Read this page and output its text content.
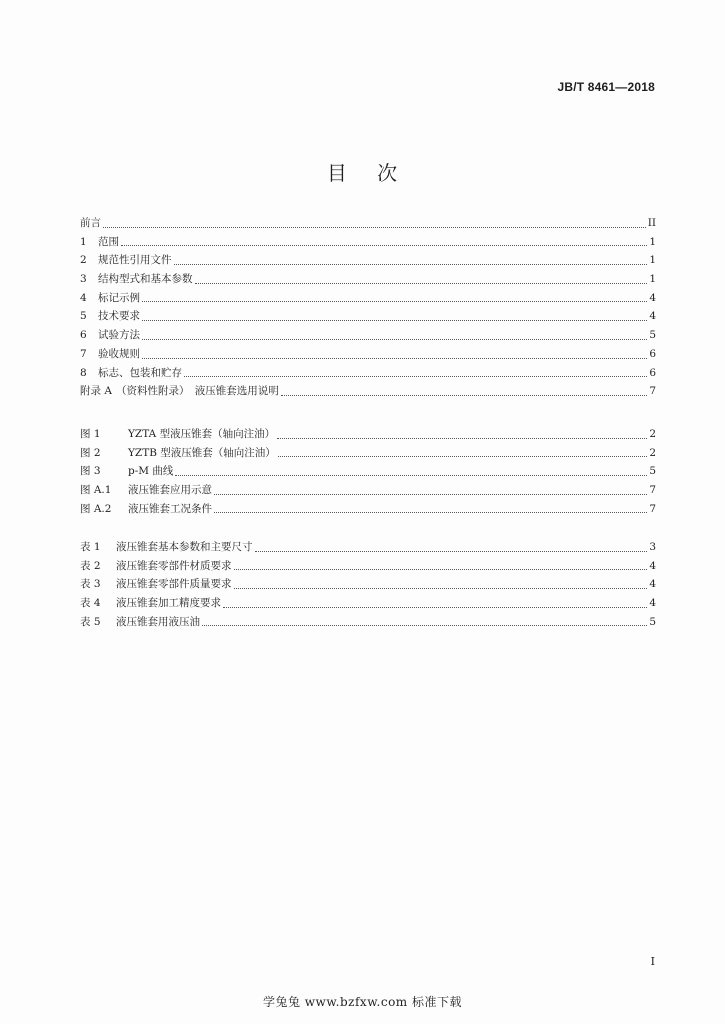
JB/T 8461—2018
目 次
前言	II
1 范围	1
2 规范性引用文件	1
3 结构型式和基本参数	1
4 标记示例	4
5 技术要求	4
6 试验方法	5
7 验收规则	6
8 标志、包装和贮存	6
附录 A （资料性附录）　液压锥套选用说明	7
图 1	YZTA 型液压锥套（轴向注油）	2
图 2	YZTB 型液压锥套（轴向注油）	2
图 3	p-M 曲线	5
图 A.1 液压锥套应用示意	7
图 A.2 液压锥套工况条件	7
表 1 液压锥套基本参数和主要尺寸	3
表 2 液压锥套零部件材质要求	4
表 3 液压锥套零部件质量要求	4
表 4 液压锥套加工精度要求	4
表 5 液压锥套用液压油	5
I
学兔兔 www.bzfxw.com 标准下载
